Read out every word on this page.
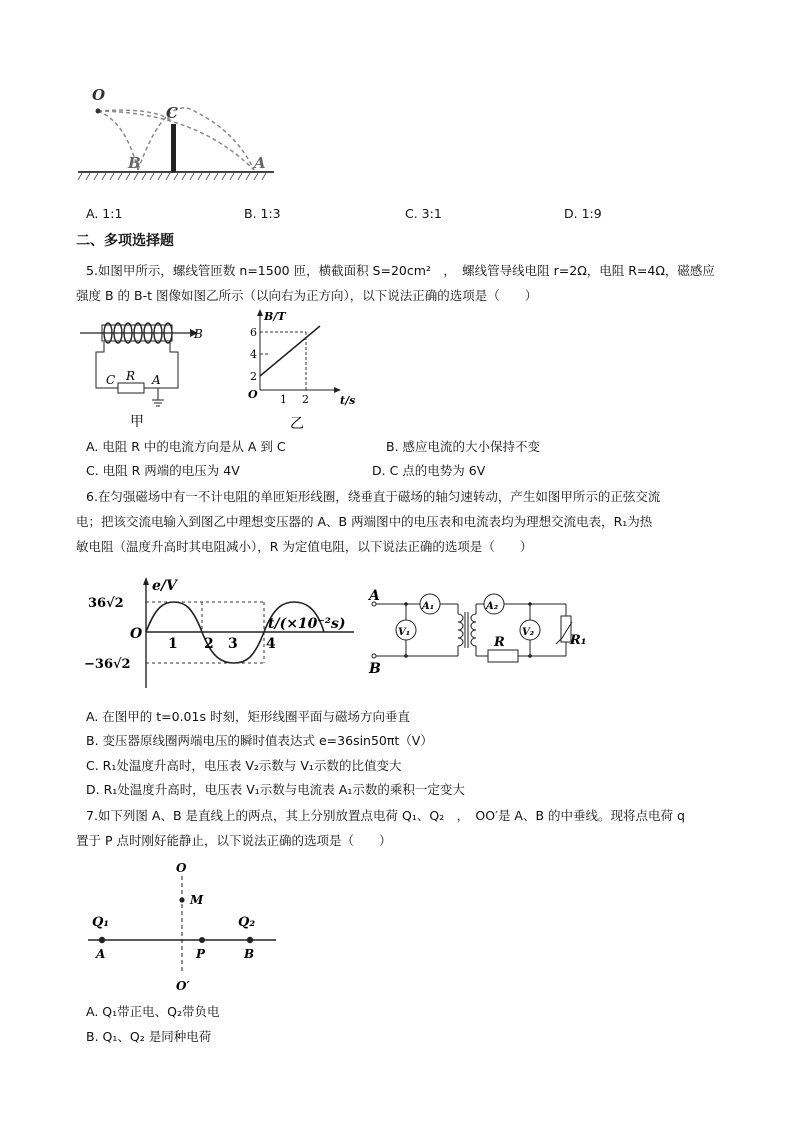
O
C
B	A
A. 1:1	B. 1:3	C. 3:1	D. 1:9
二、多项选择题
5.如图甲所示，螺线管匝数 n=1500 匝，横截面积 S=20cm²　，　螺线管导线电阻 r=2Ω，电阻 R=4Ω，磁感应
强度 B 的 B-t 图像如图乙所示（以向右为正方向），以下说法正确的选项是（　　）
B
C R A
甲
B/T
t/s
O
2
4
6
1 2
乙
A. 电阻 R 中的电流方向是从 A 到 C	B. 感应电流的大小保持不变
C. 电阻 R 两端的电压为 4V	D. C 点的电势为 6V
6.在匀强磁场中有一不计电阻的单匝矩形线圈，绕垂直于磁场的轴匀速转动，产生如图甲所示的正弦交流
电；把该交流电输入到图乙中理想变压器的 A、B 两端图中的电压表和电流表均为理想交流电表，R₁为热
敏电阻（温度升高时其电阻减小），R 为定值电阻，以下说法正确的选项是（　　）
e/V
t/(×10⁻²s)
O
36√2
−36√2
1 2 3 4
A
B
A₁
V₁
A₂
V₂
R	R₁
A. 在图甲的 t=0.01s 时刻，矩形线圈平面与磁场方向垂直
B. 变压器原线圈两端电压的瞬时值表达式 e=36sin50πt（V）
C. R₁处温度升高时，电压表 V₂示数与 V₁示数的比值变大
D. R₁处温度升高时，电压表 V₁示数与电流表 A₁示数的乘积一定变大
7.如下列图 A、B 是直线上的两点，其上分别放置点电荷 Q₁、Q₂　，　OO′是 A、B 的中垂线。现将点电荷 q
置于 P 点时刚好能静止，以下说法正确的选项是（　　）
O
M
Q₁	Q₂
A	P	B
O′
A. Q₁带正电、Q₂带负电
B. Q₁、Q₂ 是同种电荷
